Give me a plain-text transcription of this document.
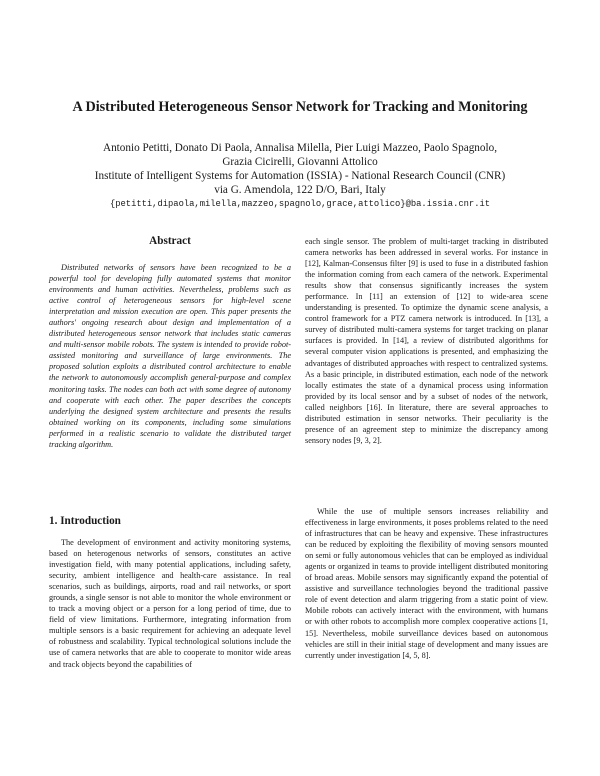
A Distributed Heterogeneous Sensor Network for Tracking and Monitoring

Antonio Petitti, Donato Di Paola, Annalisa Milella, Pier Luigi Mazzeo, Paolo Spagnolo,

Grazia Cicirelli, Giovanni Attolico

Institute of Intelligent Systems for Automation (ISSIA) - National Research Council (CNR)

via G. Amendola, 122 D/O, Bari, Italy

{petitti,dipaola,milella,mazzeo,spagnolo,grace,attolico}@ba.issia.cnr.it

Abstract

Distributed networks of sensors have been recognized to be a powerful tool for developing fully automated systems that monitor environments and human activities. Nevertheless, problems such as active control of heterogeneous sensors for high-level scene interpretation and mission execution are open. This paper presents the authors' ongoing research about design and implementation of a distributed heterogeneous sensor network that includes static cameras and multi-sensor mobile robots. The system is intended to provide robot-assisted monitoring and surveillance of large environments. The proposed solution exploits a distributed control architecture to enable the network to autonomously accomplish general-purpose and complex monitoring tasks. The nodes can both act with some degree of autonomy and cooperate with each other. The paper describes the concepts underlying the designed system architecture and presents the results obtained working on its components, including some simulations performed in a realistic scenario to validate the distributed target tracking algorithm.

1. Introduction

The development of environment and activity monitoring systems, based on heterogenous networks of sensors, constitutes an active investigation field, with many potential applications, including safety, security, ambient intelligence and health-care assistance. In real scenarios, such as buildings, airports, road and rail networks, or sport grounds, a single sensor is not able to monitor the whole environment or to track a moving object or a person for a long period of time, due to field of view limitations. Furthermore, integrating information from multiple sensors is a basic requirement for achieving an adequate level of robustness and scalability. Typical technological solutions include the use of camera networks that are able to cooperate to monitor wide areas and track objects beyond the capabilities of

each single sensor. The problem of multi-target tracking in distributed camera networks has been addressed in several works. For instance in [12], Kalman-Consensus filter [9] is used to fuse in a distributed fashion the information coming from each camera of the network. Experimental results show that consensus significantly increases the system performance. In [11] an extension of [12] to wide-area scene understanding is presented. To optimize the dynamic scene analysis, a control framework for a PTZ camera network is introduced. In [13], a survey of distributed multi-camera systems for target tracking on planar surfaces is provided. In [14], a review of distributed algorithms for several computer vision applications is presented, and emphasizing the advantages of distributed approaches with respect to centralized systems. As a basic principle, in distributed estimation, each node of the network locally estimates the state of a dynamical process using information provided by its local sensor and by a subset of nodes of the network, called neighbors [16]. In literature, there are several approaches to distributed estimation in sensor networks. Their peculiarity is the presence of an agreement step to minimize the discrepancy among sensory nodes [9, 3, 2].

While the use of multiple sensors increases reliability and effectiveness in large environments, it poses problems related to the need of infrastructures that can be heavy and expensive. These infrastructures can be reduced by exploiting the flexibility of moving sensors mounted on semi or fully autonomous vehicles that can be employed as individual agents or organized in teams to provide intelligent distributed monitoring of broad areas. Mobile sensors may significantly expand the potential of assistive and surveillance technologies beyond the traditional passive role of event detection and alarm triggering from a static point of view. Mobile robots can actively interact with the environment, with humans or with other robots to accomplish more complex cooperative actions [1, 15]. Nevertheless, mobile surveillance devices based on autonomous vehicles are still in their initial stage of development and many issues are currently under investigation [4, 5, 8].
